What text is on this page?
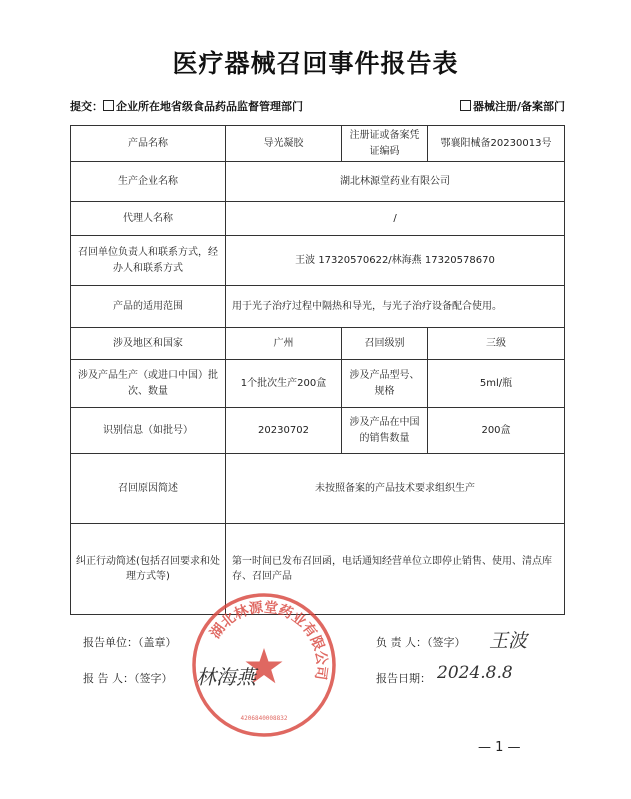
医疗器械召回事件报告表
提交： 企业所在地省级食品药品监督管理部门	器械注册/备案部门
产品名称	导光凝胶	注册证或备案凭证编码	鄂襄阳械备20230013号
生产企业名称	湖北林源堂药业有限公司		
代理人名称	/		
召回单位负责人和联系方式，经办人和联系方式	王波 17320570622/林海燕 17320578670		
产品的适用范围	用于光子治疗过程中隔热和导光，与光子治疗设备配合使用。		
涉及地区和国家	广州	召回级别	三级
涉及产品生产（或进口中国）批次、数量	1个批次生产200盒	涉及产品型号、规格	5ml/瓶
识别信息（如批号）	20230702	涉及产品在中国的销售数量	200盒
召回原因简述	未按照备案的产品技术要求组织生产		
纠正行动简述(包括召回要求和处理方式等)	第一时间已发布召回函，电话通知经营单位立即停止销售、使用、清点库存、召回产品		
湖北林源堂药业有限公司
4206840008832
报告单位：（盖章）	负 责 人：（签字） 王波
报 告 人：（签字） 林海燕	报告日期： 2024.8.8
— 1 —
